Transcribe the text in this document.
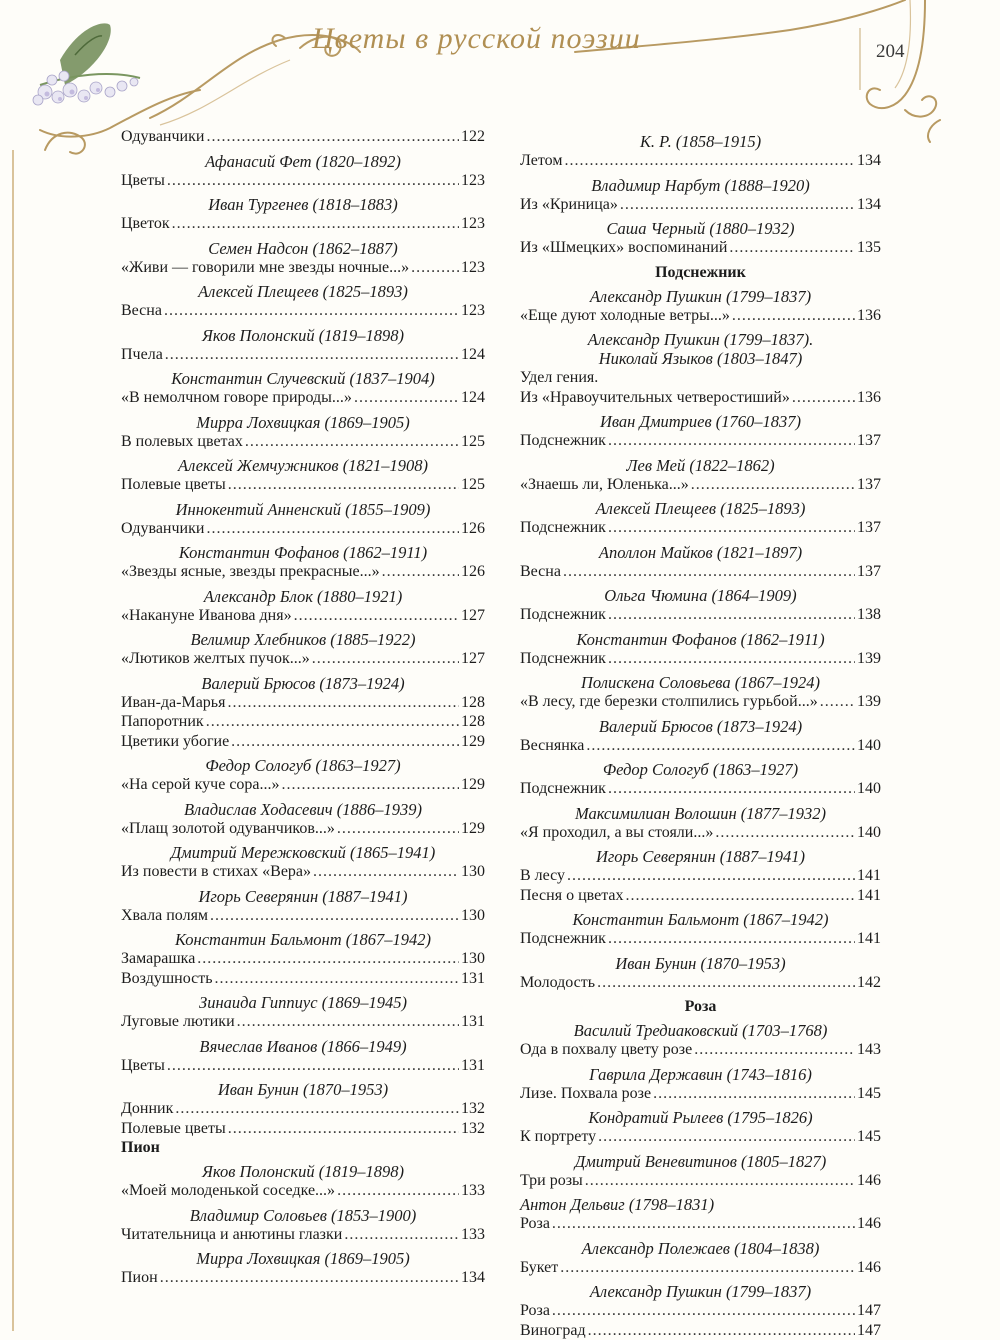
Цветы в русской поэзии	204
Одуванчики .....	122
Афанасий Фет (1820–1892)
Цветы .....	123
Иван Тургенев (1818–1883)
Цветок .....	123
Семен Надсон (1862–1887)
«Живи — говорили мне звезды ночные...» .....	123
Алексей Плещеев (1825–1893)
Весна .....	123
Яков Полонский (1819–1898)
Пчела .....	124
Константин Случевский (1837–1904)
«В немолчном говоре природы...» .....	124
Мирра Лохвицкая (1869–1905)
В полевых цветах .....	125
Алексей Жемчужников (1821–1908)
Полевые цветы .....	125
Иннокентий Анненский (1855–1909)
Одуванчики .....	126
Константин Фофанов (1862–1911)
«Звезды ясные, звезды прекрасные...» .....	126
Александр Блок (1880–1921)
«Накануне Иванова дня» .....	127
Велимир Хлебников (1885–1922)
«Лютиков желтых пучок...» .....	127
Валерий Брюсов (1873–1924)
Иван-да-Марья .....	128
Папоротник .....	128
Цветики убогие .....	129
Федор Сологуб (1863–1927)
«На серой куче сора...» .....	129
Владислав Ходасевич (1886–1939)
«Плащ золотой одуванчиков...» .....	129
Дмитрий Мережковский (1865–1941)
Из повести в стихах «Вера» .....	130
Игорь Северянин (1887–1941)
Хвала полям .....	130
Константин Бальмонт (1867–1942)
Замарашка .....	130
Воздушность .....	131
Зинаида Гиппиус (1869–1945)
Луговые лютики .....	131
Вячеслав Иванов (1866–1949)
Цветы .....	131
Иван Бунин (1870–1953)
Донник .....	132
Полевые цветы .....	132
Пион
Яков Полонский (1819–1898)
«Моей молоденькой соседке...» .....	133
Владимир Соловьев (1853–1900)
Читательница и анютины глазки .....	133
Мирра Лохвицкая (1869–1905)
Пион .....	134
К. Р. (1858–1915)
Летом .....	134
Владимир Нарбут (1888–1920)
Из «Криница» .....	134
Саша Черный (1880–1932)
Из «Шмецких» воспоминаний .....	135
Подснежник
Александр Пушкин (1799–1837)
«Еще дуют холодные ветры...» .....	136
Александр Пушкин (1799–1837).
Николай Языков (1803–1847)
Удел гения.
Из «Нравоучительных четверостиший» .....	136
Иван Дмитриев (1760–1837)
Подснежник .....	137
Лев Мей (1822–1862)
«Знаешь ли, Юленька...» .....	137
Алексей Плещеев (1825–1893)
Подснежник .....	137
Аполлон Майков (1821–1897)
Весна .....	137
Ольга Чюмина (1864–1909)
Подснежник .....	138
Константин Фофанов (1862–1911)
Подснежник .....	139
Полискена Соловьева (1867–1924)
«В лесу, где березки столпились гурьбой...» ..... 139
Валерий Брюсов (1873–1924)
Веснянка .....	140
Федор Сологуб (1863–1927)
Подснежник .....	140
Максимилиан Волошин (1877–1932)
«Я проходил, а вы стояли...» .....	140
Игорь Северянин (1887–1941)
В лесу .....	141
Песня о цветах .....	141
Константин Бальмонт (1867–1942)
Подснежник .....	141
Иван Бунин (1870–1953)
Молодость .....	142
Роза
Василий Тредиаковский (1703–1768)
Ода в похвалу цвету розе .....	143
Гаврила Державин (1743–1816)
Лизе. Похвала розе .....	145
Кондратий Рылеев (1795–1826)
К портрету .....	145
Дмитрий Веневитинов (1805–1827)
Три розы .....	146
Антон Дельвиг (1798–1831)
Роза .....	146
Александр Полежаев (1804–1838)
Букет .....	146
Александр Пушкин (1799–1837)
Роза .....	147
Виноград .....	147
